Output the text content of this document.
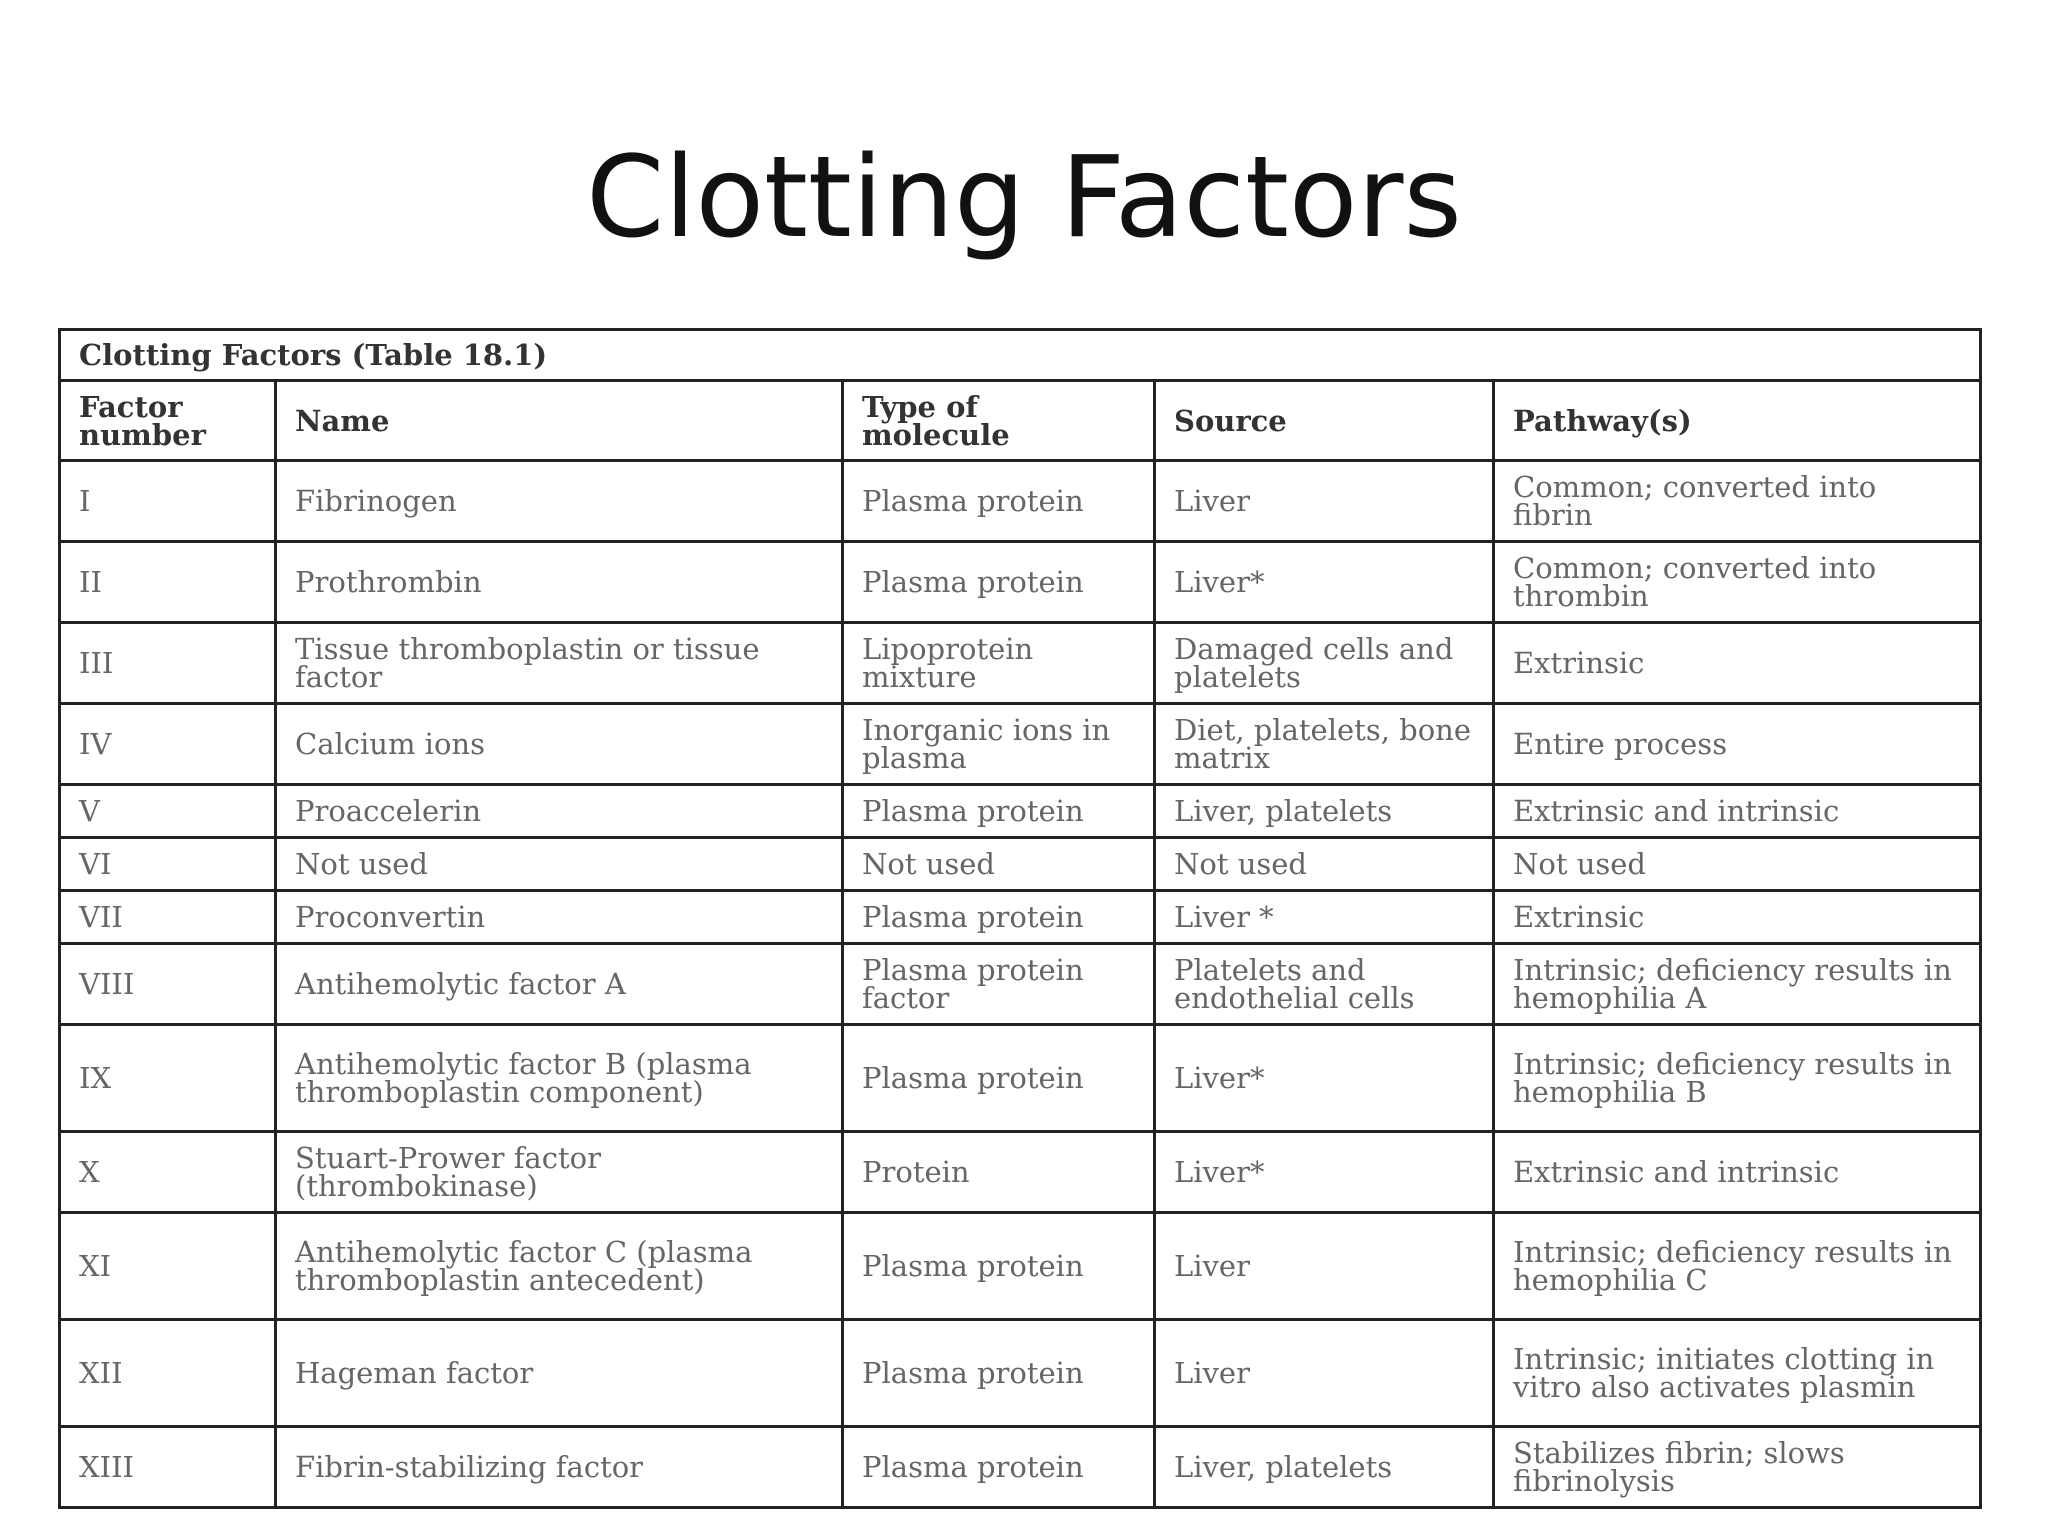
Clotting Factors
Clotting Factors (Table 18.1)				
Factor number	Name	Type of molecule	Source	Pathway(s)
I	Fibrinogen	Plasma protein	Liver	Common; converted into fibrin
II	Prothrombin	Plasma protein	Liver*	Common; converted into thrombin
III	Tissue thromboplastin or tissue factor	Lipoprotein mixture	Damaged cells and platelets	Extrinsic
IV	Calcium ions	Inorganic ions in plasma	Diet, platelets, bone matrix	Entire process
V	Proaccelerin	Plasma protein	Liver, platelets	Extrinsic and intrinsic
VI	Not used	Not used	Not used	Not used
VII	Proconvertin	Plasma protein	Liver *	Extrinsic
VIII	Antihemolytic factor A	Plasma protein factor	Platelets and endothelial cells	Intrinsic; deficiency results in hemophilia A
IX	Antihemolytic factor B (plasma thromboplastin component)	Plasma protein	Liver*	Intrinsic; deficiency results in hemophilia B
X	Stuart-Prower factor (thrombokinase)	Protein	Liver*	Extrinsic and intrinsic
XI	Antihemolytic factor C (plasma thromboplastin antecedent)	Plasma protein	Liver	Intrinsic; deficiency results in hemophilia C
XII	Hageman factor	Plasma protein	Liver	Intrinsic; initiates clotting in vitro also activates plasmin
XIII	Fibrin-stabilizing factor	Plasma protein	Liver, platelets	Stabilizes fibrin; slows fibrinolysis
